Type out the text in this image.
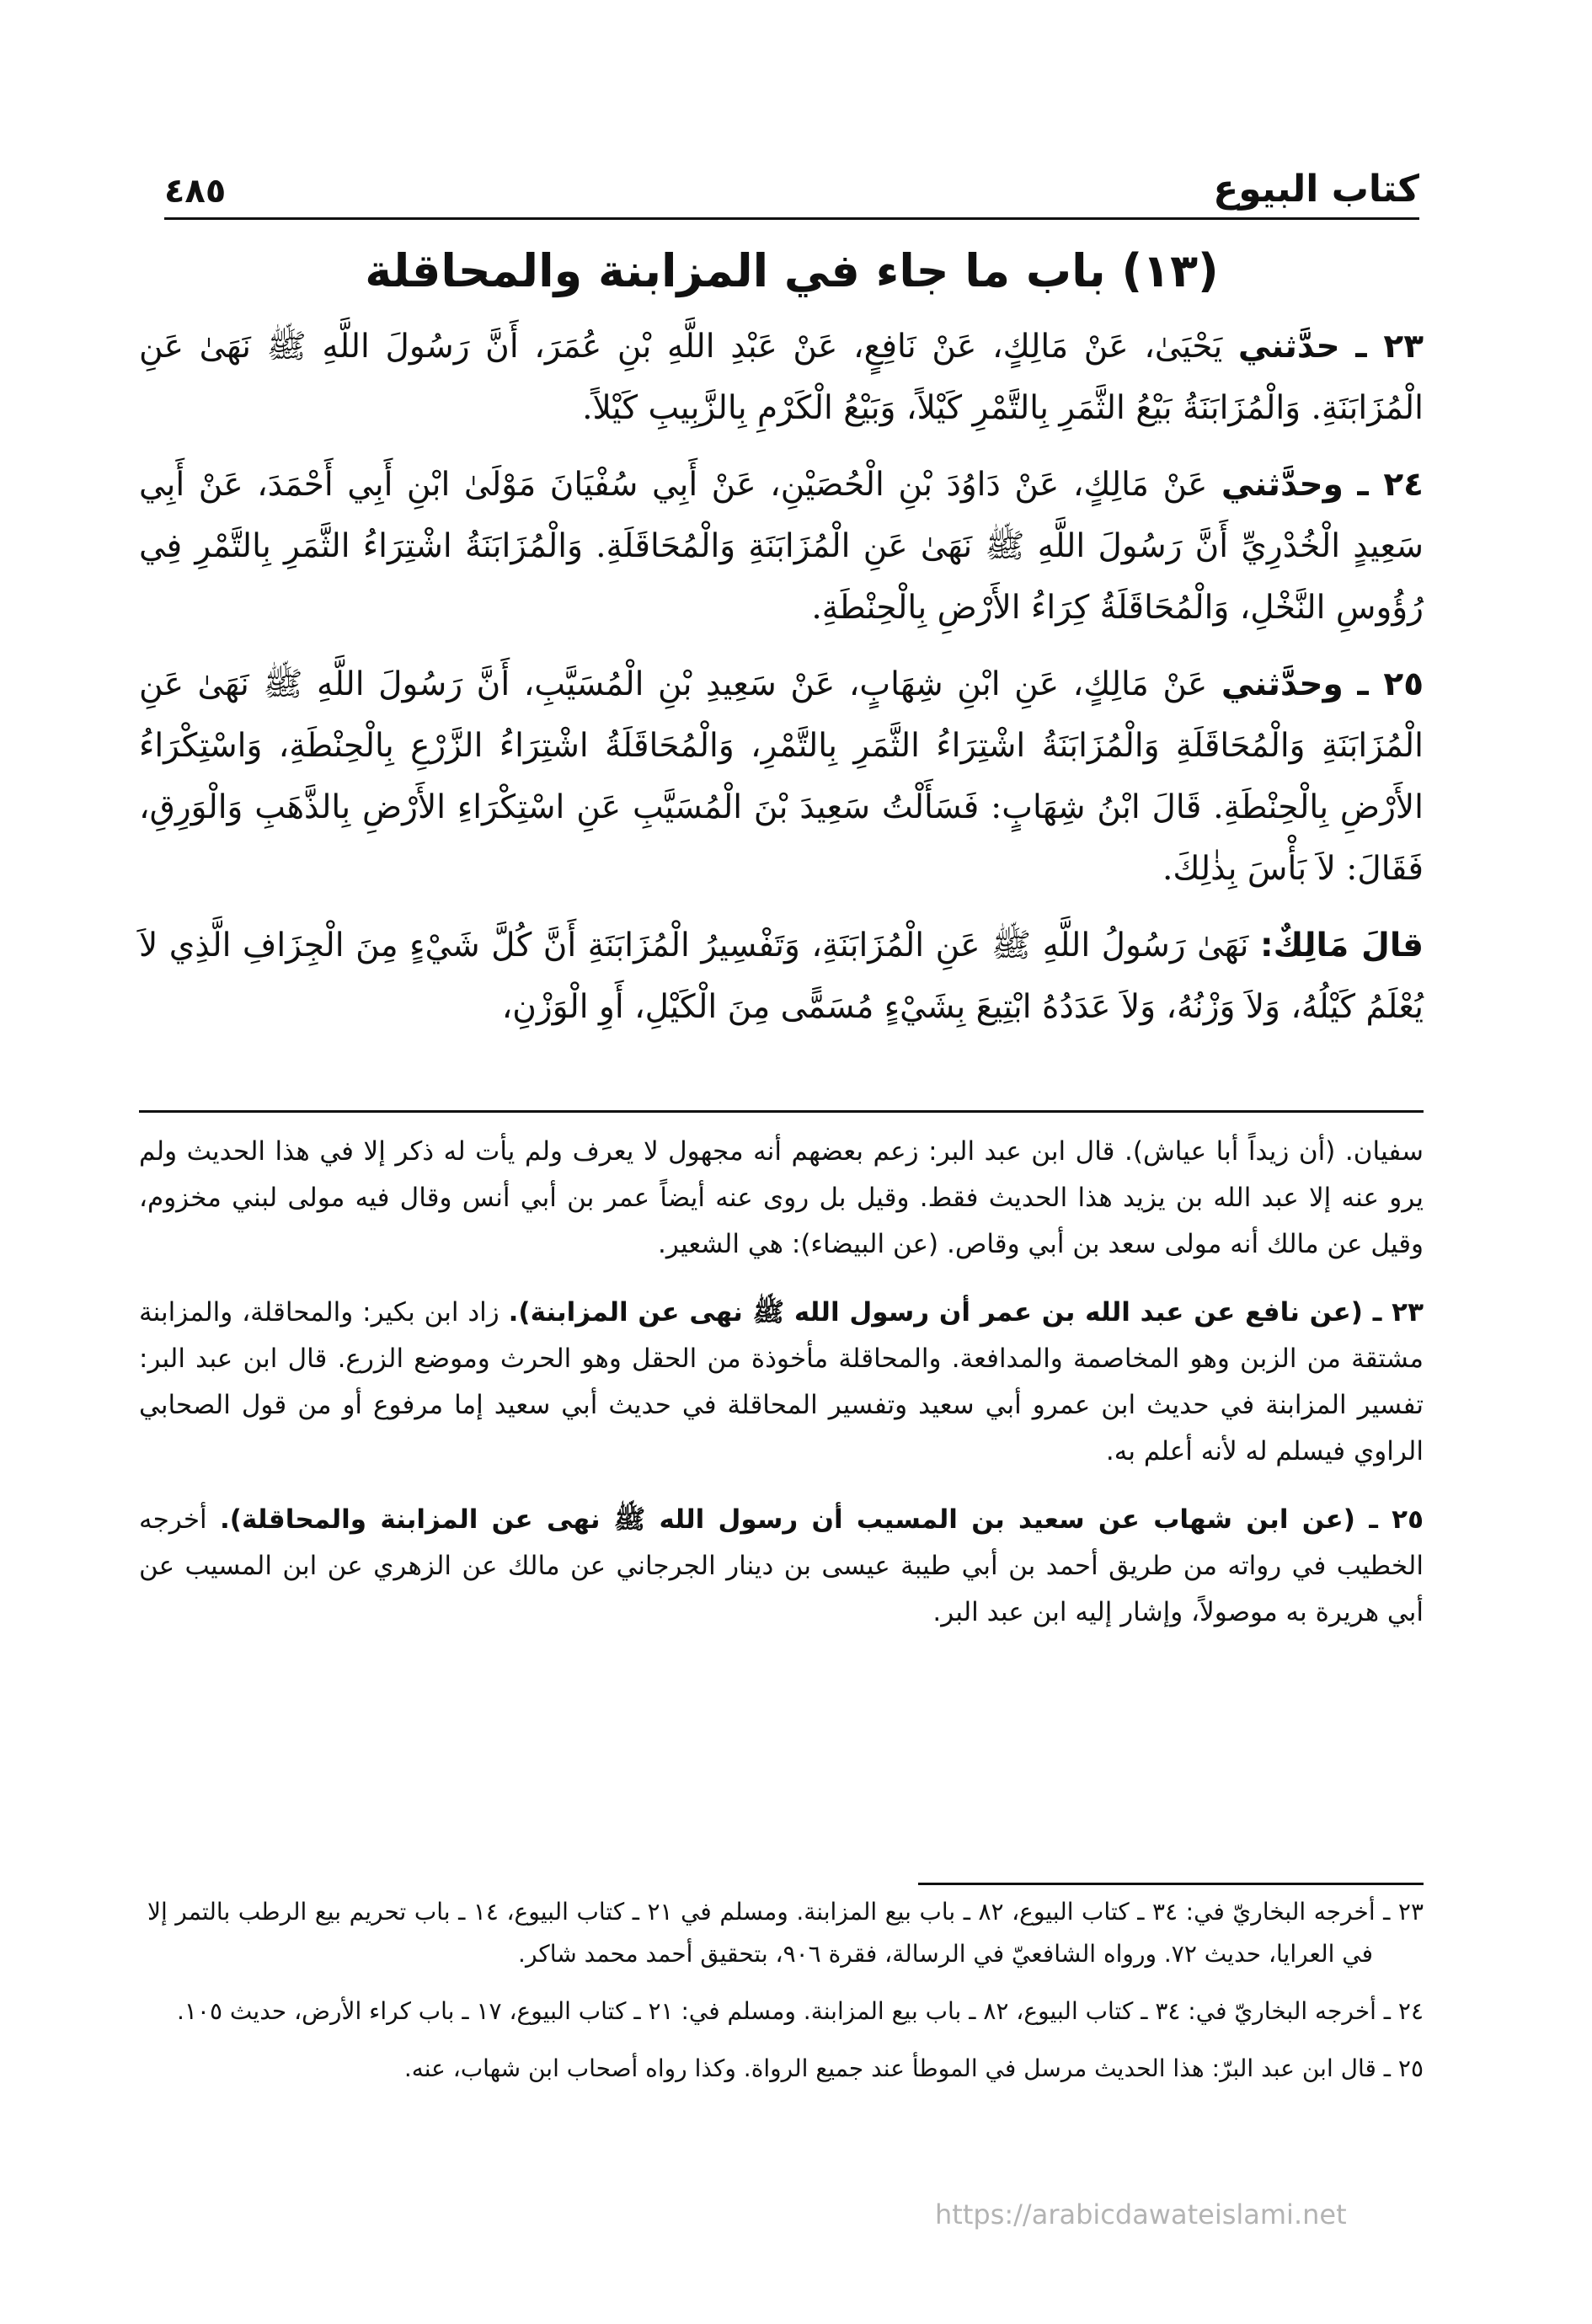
كتاب البيوع
٤٨٥
(١٣) باب ما جاء في المزابنة والمحاقلة

٢٣ ـ حدَّثني يَحْيَىٰ، عَنْ مَالِكٍ، عَنْ نَافِعٍ، عَنْ عَبْدِ اللَّهِ بْنِ عُمَرَ، أَنَّ رَسُولَ اللَّهِ ﷺ نَهَىٰ عَنِ الْمُزَابَنَةِ. وَالْمُزَابَنَةُ بَيْعُ الثَّمَرِ بِالتَّمْرِ كَيْلاً، وَبَيْعُ الْكَرْمِ بِالزَّبِيبِ كَيْلاً.

٢٤ ـ وحدَّثني عَنْ مَالِكٍ، عَنْ دَاوُدَ بْنِ الْحُصَيْنِ، عَنْ أَبِي سُفْيَانَ مَوْلَىٰ ابْنِ أَبِي أَحْمَدَ، عَنْ أَبِي سَعِيدٍ الْخُدْرِيِّ أَنَّ رَسُولَ اللَّهِ ﷺ نَهَىٰ عَنِ الْمُزَابَنَةِ وَالْمُحَاقَلَةِ. وَالْمُزَابَنَةُ اشْتِرَاءُ الثَّمَرِ بِالتَّمْرِ فِي رُؤُوسِ النَّخْلِ، وَالْمُحَاقَلَةُ كِرَاءُ الأَرْضِ بِالْحِنْطَةِ.

٢٥ ـ وحدَّثني عَنْ مَالِكٍ، عَنِ ابْنِ شِهَابٍ، عَنْ سَعِيدِ بْنِ الْمُسَيَّبِ، أَنَّ رَسُولَ اللَّهِ ﷺ نَهَىٰ عَنِ الْمُزَابَنَةِ وَالْمُحَاقَلَةِ وَالْمُزَابَنَةُ اشْتِرَاءُ الثَّمَرِ بِالتَّمْرِ، وَالْمُحَاقَلَةُ اشْتِرَاءُ الزَّرْعِ بِالْحِنْطَةِ، وَاسْتِكْرَاءُ الأَرْضِ بِالْحِنْطَةِ. قَالَ ابْنُ شِهَابٍ: فَسَأَلْتُ سَعِيدَ بْنَ الْمُسَيَّبِ عَنِ اسْتِكْرَاءِ الأَرْضِ بِالذَّهَبِ وَالْوَرِقِ، فَقَالَ: لاَ بَأْسَ بِذٰلِكَ.

قالَ مَالِكٌ: نَهَىٰ رَسُولُ اللَّهِ ﷺ عَنِ الْمُزَابَنَةِ، وَتَفْسِيرُ الْمُزَابَنَةِ أَنَّ كُلَّ شَيْءٍ مِنَ الْجِزَافِ الَّذِي لاَ يُعْلَمُ كَيْلُهُ، وَلاَ وَزْنُهُ، وَلاَ عَدَدُهُ ابْتِيعَ بِشَيْءٍ مُسَمًّى مِنَ الْكَيْلِ، أَوِ الْوَزْنِ،

سفيان. (أن زيداً أبا عياش). قال ابن عبد البر: زعم بعضهم أنه مجهول لا يعرف ولم يأت له ذكر إلا في هذا الحديث ولم يرو عنه إلا عبد الله بن يزيد هذا الحديث فقط. وقيل بل روى عنه أيضاً عمر بن أبي أنس وقال فيه مولى لبني مخزوم، وقيل عن مالك أنه مولى سعد بن أبي وقاص. (عن البيضاء): هي الشعير.

٢٣ ـ (عن نافع عن عبد الله بن عمر أن رسول الله ﷺ نهى عن المزابنة). زاد ابن بكير: والمحاقلة، والمزابنة مشتقة من الزبن وهو المخاصمة والمدافعة. والمحاقلة مأخوذة من الحقل وهو الحرث وموضع الزرع. قال ابن عبد البر: تفسير المزابنة في حديث ابن عمرو أبي سعيد وتفسير المحاقلة في حديث أبي سعيد إما مرفوع أو من قول الصحابي الراوي فيسلم له لأنه أعلم به.

٢٥ ـ (عن ابن شهاب عن سعيد بن المسيب أن رسول الله ﷺ نهى عن المزابنة والمحاقلة). أخرجه الخطيب في رواته من طريق أحمد بن أبي طيبة عيسى بن دينار الجرجاني عن مالك عن الزهري عن ابن المسيب عن أبي هريرة به موصولاً، وإشار إليه ابن عبد البر.

٢٣ ـ أخرجه البخاريّ في: ٣٤ ـ كتاب البيوع، ٨٢ ـ باب بيع المزابنة. ومسلم في ٢١ ـ كتاب البيوع، ١٤ ـ باب تحريم بيع الرطب بالتمر إلا في العرايا، حديث ٧٢. ورواه الشافعيّ في الرسالة، فقرة ٩٠٦، بتحقيق أحمد محمد شاكر.

٢٤ ـ أخرجه البخاريّ في: ٣٤ ـ كتاب البيوع، ٨٢ ـ باب بيع المزابنة. ومسلم في: ٢١ ـ كتاب البيوع، ١٧ ـ باب كراء الأرض، حديث ١٠٥.

٢٥ ـ قال ابن عبد البرّ: هذا الحديث مرسل في الموطأ عند جميع الرواة. وكذا رواه أصحاب ابن شهاب، عنه.

https://arabicdawateislami.net
